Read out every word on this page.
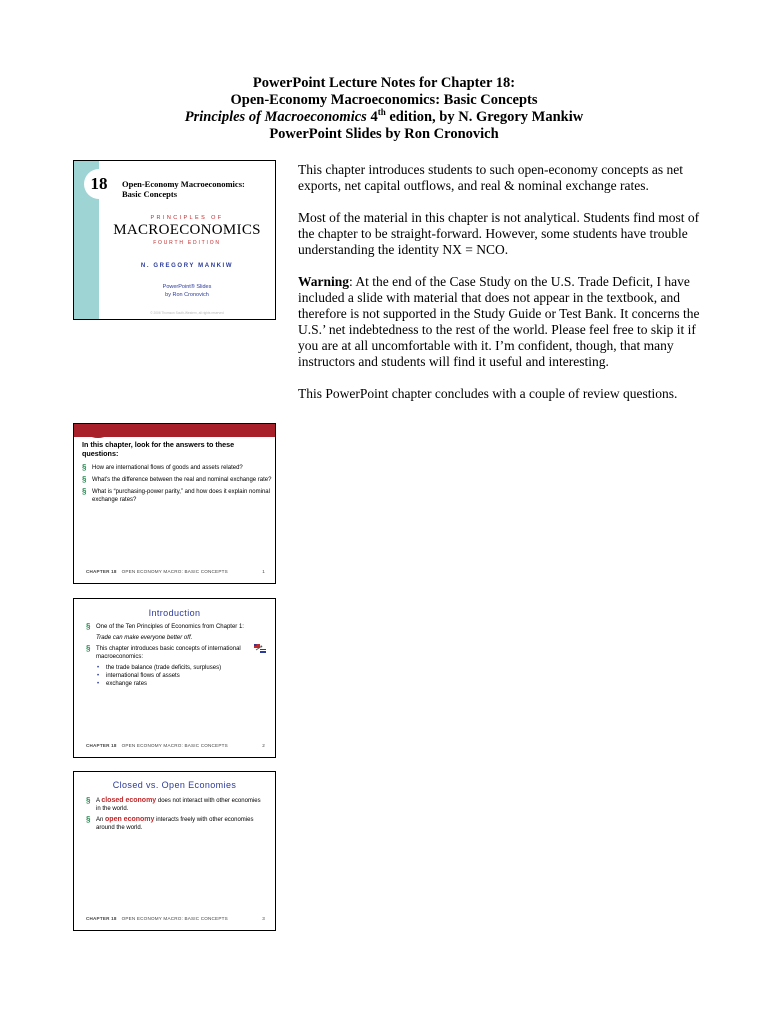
PowerPoint Lecture Notes for Chapter 18:
Open-Economy Macroeconomics: Basic Concepts
Principles of Macroeconomics 4th edition, by N. Gregory Mankiw
PowerPoint Slides by Ron Cronovich
18	Open-Economy Macroeconomics:
Basic Concepts
PRINCIPLES OF
MACROECONOMICS
FOURTH EDITION
N. GREGORY MANKIW
PowerPoint® Slides
by Ron Cronovich
© 2006 Thomson South-Western, all rights reserved
In this chapter, look for the answers to these questions:
§ How are international flows of goods and assets related?
§ What's the difference between the real and nominal exchange rate?
§ What is “purchasing-power parity,” and how does it explain nominal exchange rates?
CHAPTER 18 OPEN ECONOMY MACRO: BASIC CONCEPTS	1
Introduction
§ One of the Ten Principles of Economics from Chapter 1:
Trade can make everyone better off.
§ This chapter introduces basic concepts of international macroeconomics:
• the trade balance (trade deficits, surpluses)
• international flows of assets
• exchange rates
CHAPTER 18 OPEN ECONOMY MACRO: BASIC CONCEPTS	2
Closed vs. Open Economies
§ A closed economy does not interact with other economies in the world.
§ An open economy interacts freely with other economies around the world.
CHAPTER 18 OPEN ECONOMY MACRO: BASIC CONCEPTS	3

This chapter introduces students to such open-economy concepts as net exports, net capital outflows, and real & nominal exchange rates.

Most of the material in this chapter is not analytical. Students find most of the chapter to be straight-forward. However, some students have trouble understanding the identity NX = NCO.

Warning: At the end of the Case Study on the U.S. Trade Deficit, I have included a slide with material that does not appear in the textbook, and therefore is not supported in the Study Guide or Test Bank. It concerns the U.S.’ net indebtedness to the rest of the world. Please feel free to skip it if you are at all uncomfortable with it. I’m confident, though, that many instructors and students will find it useful and interesting.

This PowerPoint chapter concludes with a couple of review questions.
